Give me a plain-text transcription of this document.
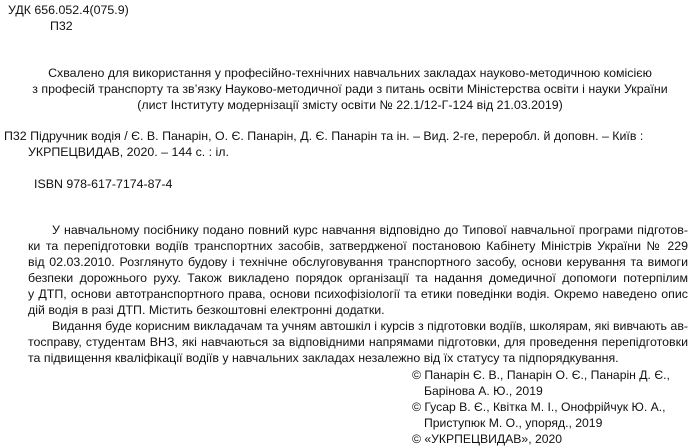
УДК 656.052.4(075.9)
П32
Схвалено для використання у професійно-технічних навчальних закладах науково-методичною комісією
з професій транспорту та зв’язку Науково-методичної ради з питань освіти Міністерства освіти і науки України
(лист Інституту модернізації змісту освіти № 22.1/12-Г-124 від 21.03.2019)
П32 Підручник водія / Є. В. Панарін, О. Є. Панарін, Д. Є. Панарін та ін. – Вид. 2-ге, переробл. й доповн. – Київ :
УКРПЕЦВИДАВ, 2020. – 144 с. : іл.
ISBN 978-617-7174-87-4
У навчальному посібнику подано повний курс навчання відповідно до Типової навчальної програми підготов-
ки та перепідготовки водіїв транспортних засобів, затвердженої постановою Кабінету Міністрів України № 229
від 02.03.2010. Розглянуто будову і технічне обслуговування транспортного засобу, основи керування та вимоги
безпеки дорожнього руху. Також викладено порядок організації та надання домедичної допомоги потерпілим
у ДТП, основи автотранспортного права, основи психофізіології та етики поведінки водія. Окремо наведено опис
дій водія в разі ДТП. Містить безкоштовні електронні додатки.
Видання буде корисним викладачам та учням автошкіл і курсів з підготовки водіїв, школярам, які вивчають ав-
тосправу, студентам ВНЗ, які навчаються за відповідними напрямами підготовки, для проведення перепідготовки
та підвищення кваліфікації водіїв у навчальних закладах незалежно від їх статусу та підпорядкування.
© Панарін Є. В., Панарін О. Є., Панарін Д. Є.,
Барінова А. Ю., 2019
© Гусар В. Є., Квітка М. І., Онофрійчук Ю. А.,
Приступюк М. О., упоряд., 2019
© «УКРПЕЦВИДАВ», 2020
